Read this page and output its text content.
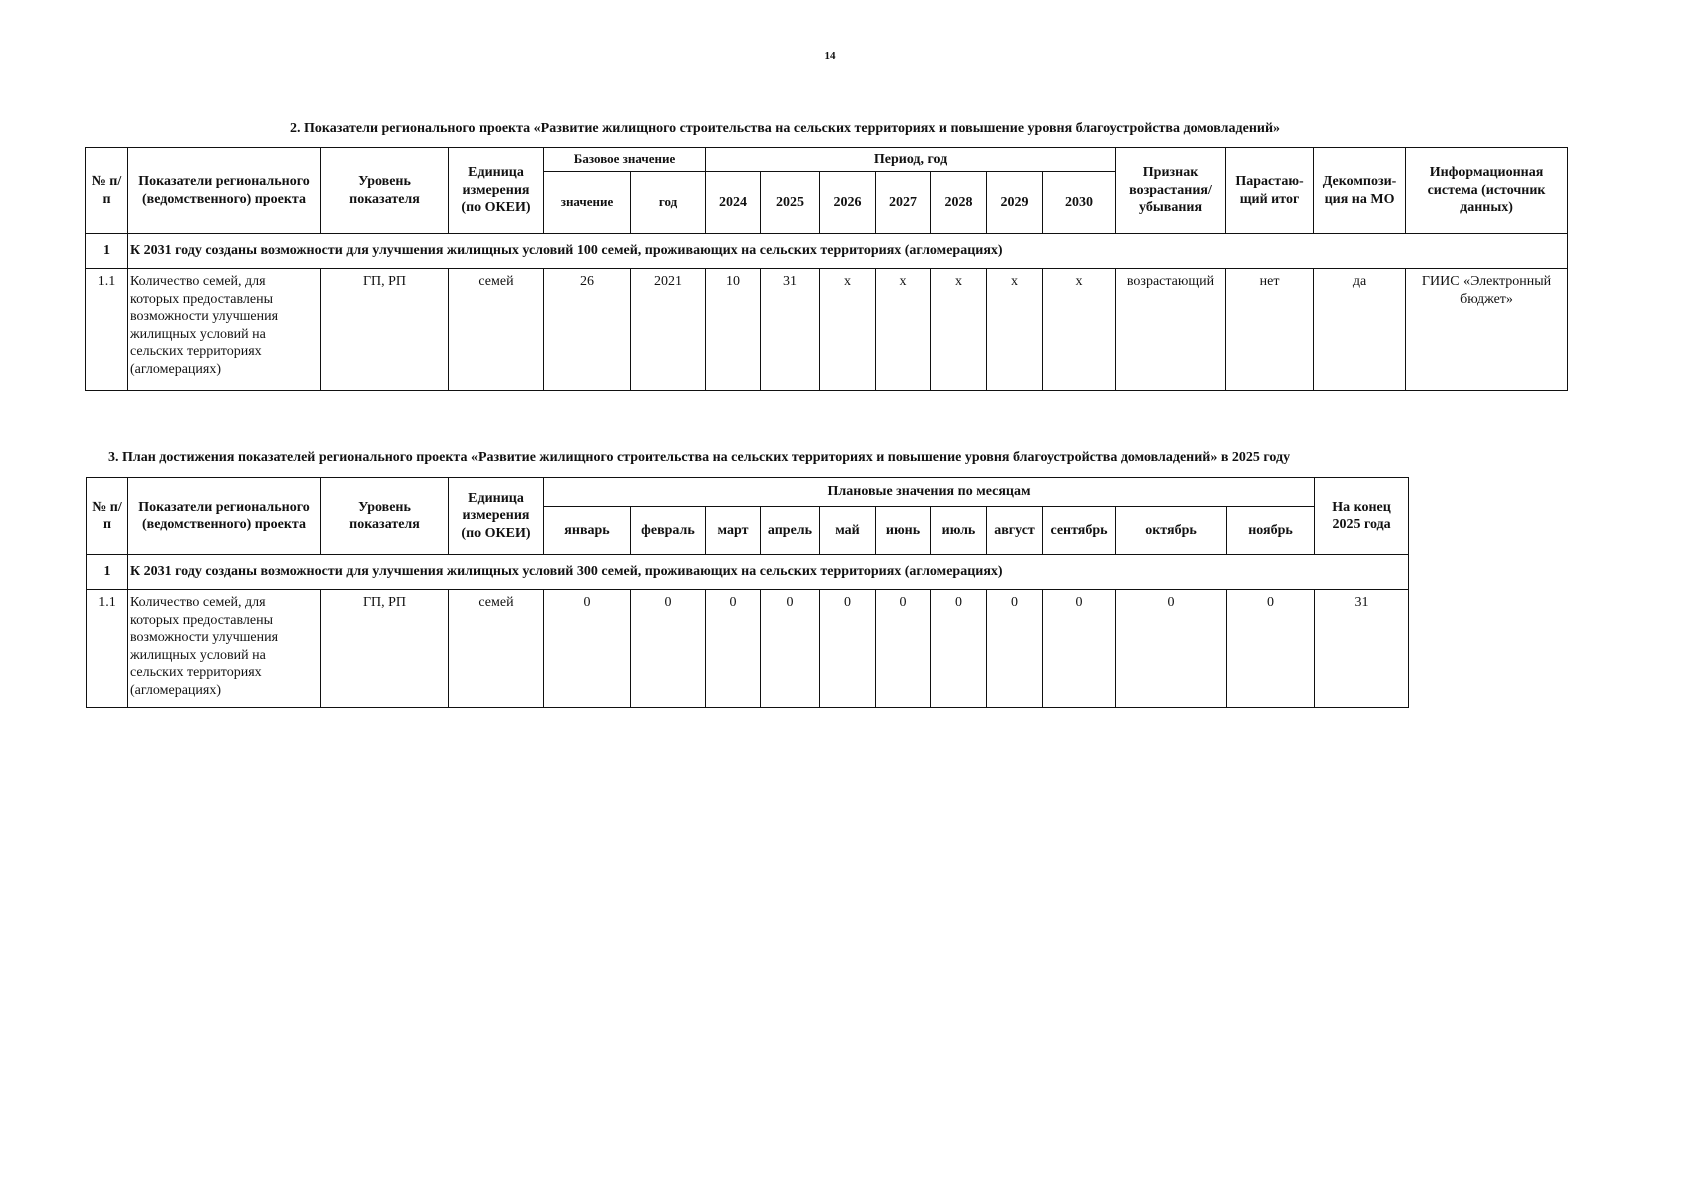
14
2. Показатели регионального проекта «Развитие жилищного строительства на сельских территориях и повышение уровня благоустройства домовладений»
№ п/п	Показатели регионального (ведомственного) проекта	Уровень показателя	Единица измерения (по ОКЕИ)	Базовое значение		Период, год							Признак возрастания/ убывания	Парастаю-щий итог	Декомпози-ция на МО	Информационная система (источник данных)
				значение	год	2024	2025	2026	2027	2028	2029	2030				
1	К 2031 году созданы возможности для улучшения жилищных условий 100 семей, проживающих на сельских территориях (агломерациях)															
1.1	Количество семей, для которых предоставлены возможности улучшения жилищных условий на сельских территориях (агломерациях)	ГП, РП	семей	26	2021	10	31	х	х	х	х	х	возрастающий	нет	да	ГИИС «Электронный бюджет»
3. План достижения показателей регионального проекта «Развитие жилищного строительства на сельских территориях и повышение уровня благоустройства домовладений» в 2025 году
№ п/п	Показатели регионального (ведомственного) проекта	Уровень показателя	Единица измерения (по ОКЕИ)	Плановые значения по месяцам											На конец 2025 года
				январь	февраль	март	апрель	май	июнь	июль	август	сентябрь	октябрь	ноябрь	
1	К 2031 году созданы возможности для улучшения жилищных условий 300 семей, проживающих на сельских территориях (агломерациях)														
1.1	Количество семей, для которых предоставлены возможности улучшения жилищных условий на сельских территориях (агломерациях)	ГП, РП	семей	0	0	0	0	0	0	0	0	0	0	0	31
